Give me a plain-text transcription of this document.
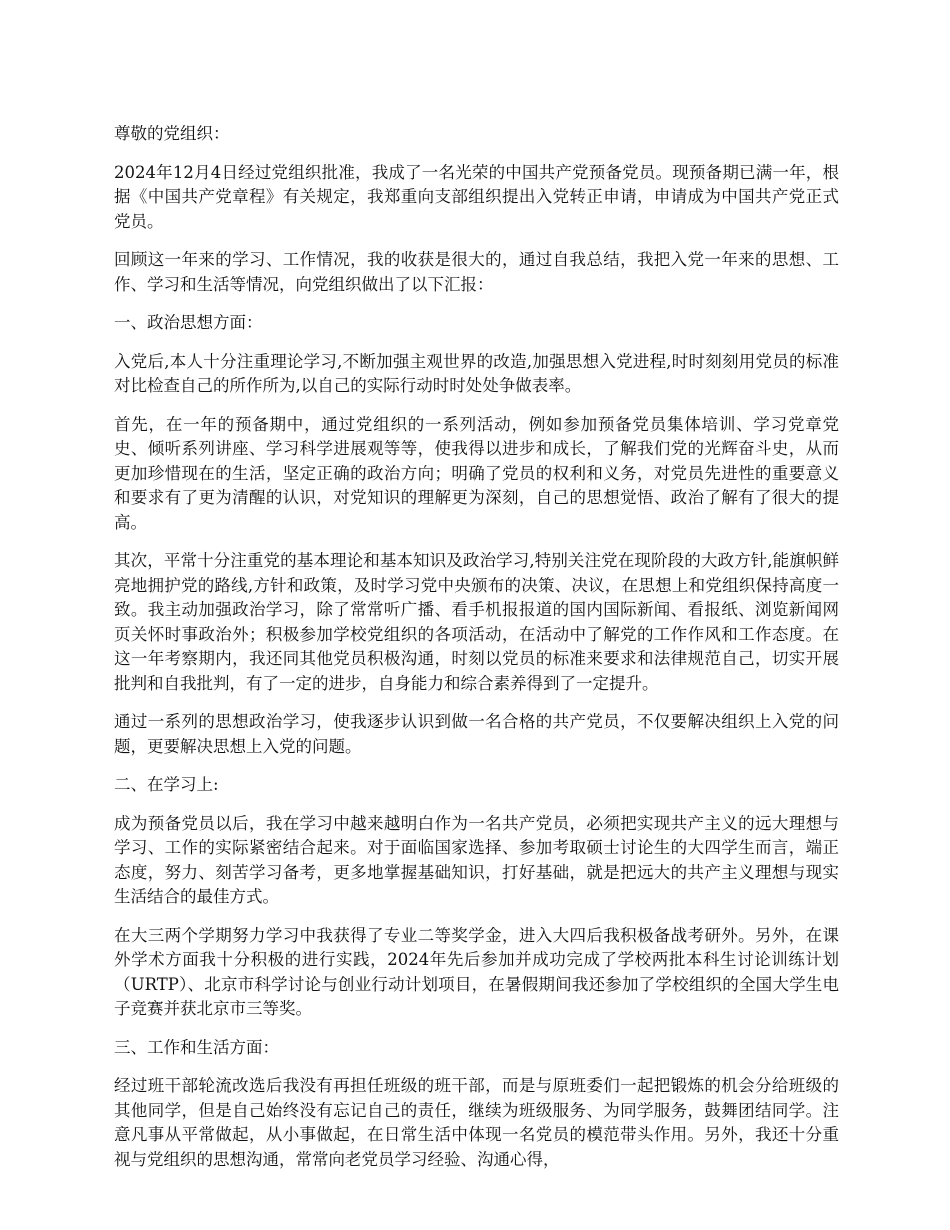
尊敬的党组织：

2024年12月4日经过党组织批准，我成了一名光荣的中国共产党预备党员。现预备期已满一年，根据《中国共产党章程》有关规定，我郑重向支部组织提出入党转正申请，申请成为中国共产党正式党员。

回顾这一年来的学习、工作情况，我的收获是很大的，通过自我总结，我把入党一年来的思想、工作、学习和生活等情况，向党组织做出了以下汇报：

一、政治思想方面：

入党后,本人十分注重理论学习,不断加强主观世界的改造,加强思想入党进程,时时刻刻用党员的标准对比检查自己的所作所为,以自己的实际行动时时处处争做表率。

首先，在一年的预备期中，通过党组织的一系列活动，例如参加预备党员集体培训、学习党章党史、倾听系列讲座、学习科学进展观等等，使我得以进步和成长，了解我们党的光辉奋斗史，从而更加珍惜现在的生活，坚定正确的政治方向；明确了党员的权利和义务，对党员先进性的重要意义和要求有了更为清醒的认识，对党知识的理解更为深刻，自己的思想觉悟、政治了解有了很大的提高。

其次，平常十分注重党的基本理论和基本知识及政治学习,特别关注党在现阶段的大政方针,能旗帜鲜亮地拥护党的路线,方针和政策，及时学习党中央颁布的决策、决议，在思想上和党组织保持高度一致。我主动加强政治学习，除了常常听广播、看手机报报道的国内国际新闻、看报纸、浏览新闻网页关怀时事政治外；积极参加学校党组织的各项活动，在活动中了解党的工作作风和工作态度。在这一年考察期内，我还同其他党员积极沟通，时刻以党员的标准来要求和法律规范自己，切实开展批判和自我批判，有了一定的进步，自身能力和综合素养得到了一定提升。

通过一系列的思想政治学习，使我逐步认识到做一名合格的共产党员，不仅要解决组织上入党的问题，更要解决思想上入党的问题。

二、在学习上:

成为预备党员以后，我在学习中越来越明白作为一名共产党员，必须把实现共产主义的远大理想与学习、工作的实际紧密结合起来。对于面临国家选择、参加考取硕士讨论生的大四学生而言，端正态度，努力、刻苦学习备考，更多地掌握基础知识，打好基础，就是把远大的共产主义理想与现实生活结合的最佳方式。

在大三两个学期努力学习中我获得了专业二等奖学金，进入大四后我积极备战考研外。另外，在课 外学术方面我十分积极的进行实践，2024年先后参加并成功完成了学校两批本科生讨论训练计划（URTP）、北京市科学讨论与创业行动计划项目，在暑假期间我还参加了学校组织的全国大学生电子竞赛并获北京市三等奖。

三、工作和生活方面：

经过班干部轮流改选后我没有再担任班级的班干部，而是与原班委们一起把锻炼的机会分给班级的其他同学，但是自己始终没有忘记自己的责任，继续为班级服务、为同学服务，鼓舞团结同学。注意凡事从平常做起，从小事做起，在日常生活中体现一名党员的模范带头作用。另外，我还十分重视与党组织的思想沟通，常常向老党员学习经验、沟通心得，
